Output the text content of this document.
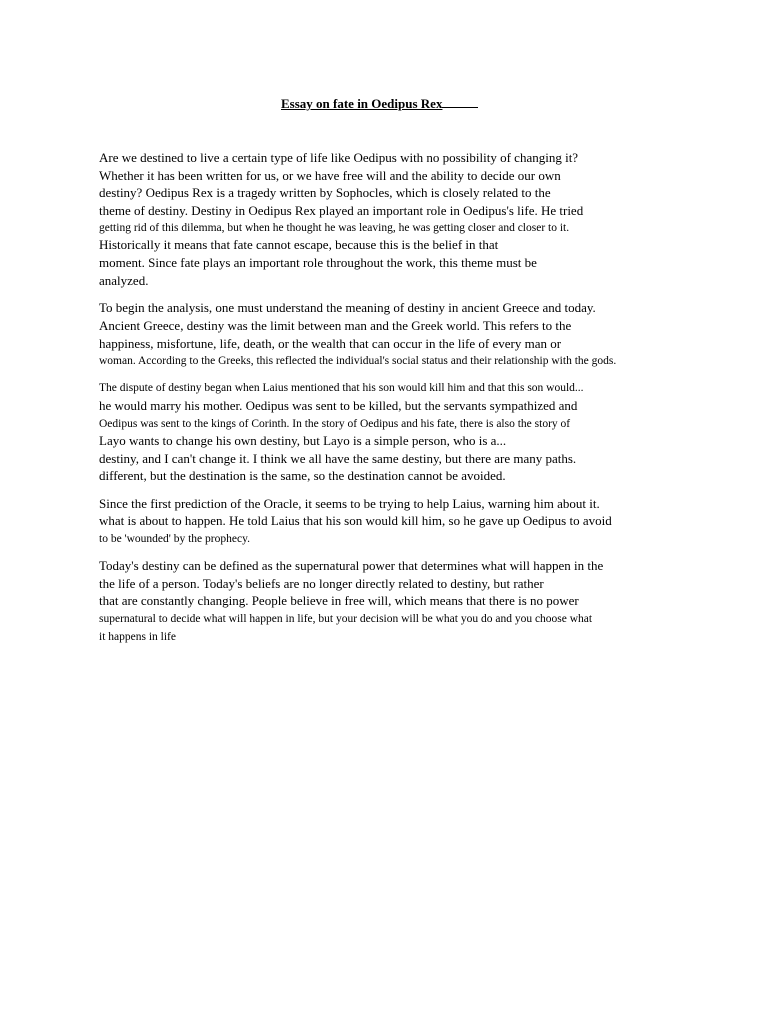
Essay on fate in Oedipus Rex
Are we destined to live a certain type of life like Oedipus with no possibility of changing it?
Whether it has been written for us, or we have free will and the ability to decide our own
destiny? Oedipus Rex is a tragedy written by Sophocles, which is closely related to the
theme of destiny. Destiny in Oedipus Rex played an important role in Oedipus's life. He tried
getting rid of this dilemma, but when he thought he was leaving, he was getting closer and closer to it.
Historically it means that fate cannot escape, because this is the belief in that
moment. Since fate plays an important role throughout the work, this theme must be
analyzed.
To begin the analysis, one must understand the meaning of destiny in ancient Greece and today.
Ancient Greece, destiny was the limit between man and the Greek world. This refers to the
happiness, misfortune, life, death, or the wealth that can occur in the life of every man or
woman. According to the Greeks, this reflected the individual's social status and their relationship with the gods.
The dispute of destiny began when Laius mentioned that his son would kill him and that this son would...
he would marry his mother. Oedipus was sent to be killed, but the servants sympathized and
Oedipus was sent to the kings of Corinth. In the story of Oedipus and his fate, there is also the story of
Layo wants to change his own destiny, but Layo is a simple person, who is a...
destiny, and I can't change it. I think we all have the same destiny, but there are many paths.
different, but the destination is the same, so the destination cannot be avoided.
Since the first prediction of the Oracle, it seems to be trying to help Laius, warning him about it.
what is about to happen. He told Laius that his son would kill him, so he gave up Oedipus to avoid
to be 'wounded' by the prophecy.
Today's destiny can be defined as the supernatural power that determines what will happen in the
the life of a person. Today's beliefs are no longer directly related to destiny, but rather
that are constantly changing. People believe in free will, which means that there is no power
supernatural to decide what will happen in life, but your decision will be what you do and you choose what
it happens in life
